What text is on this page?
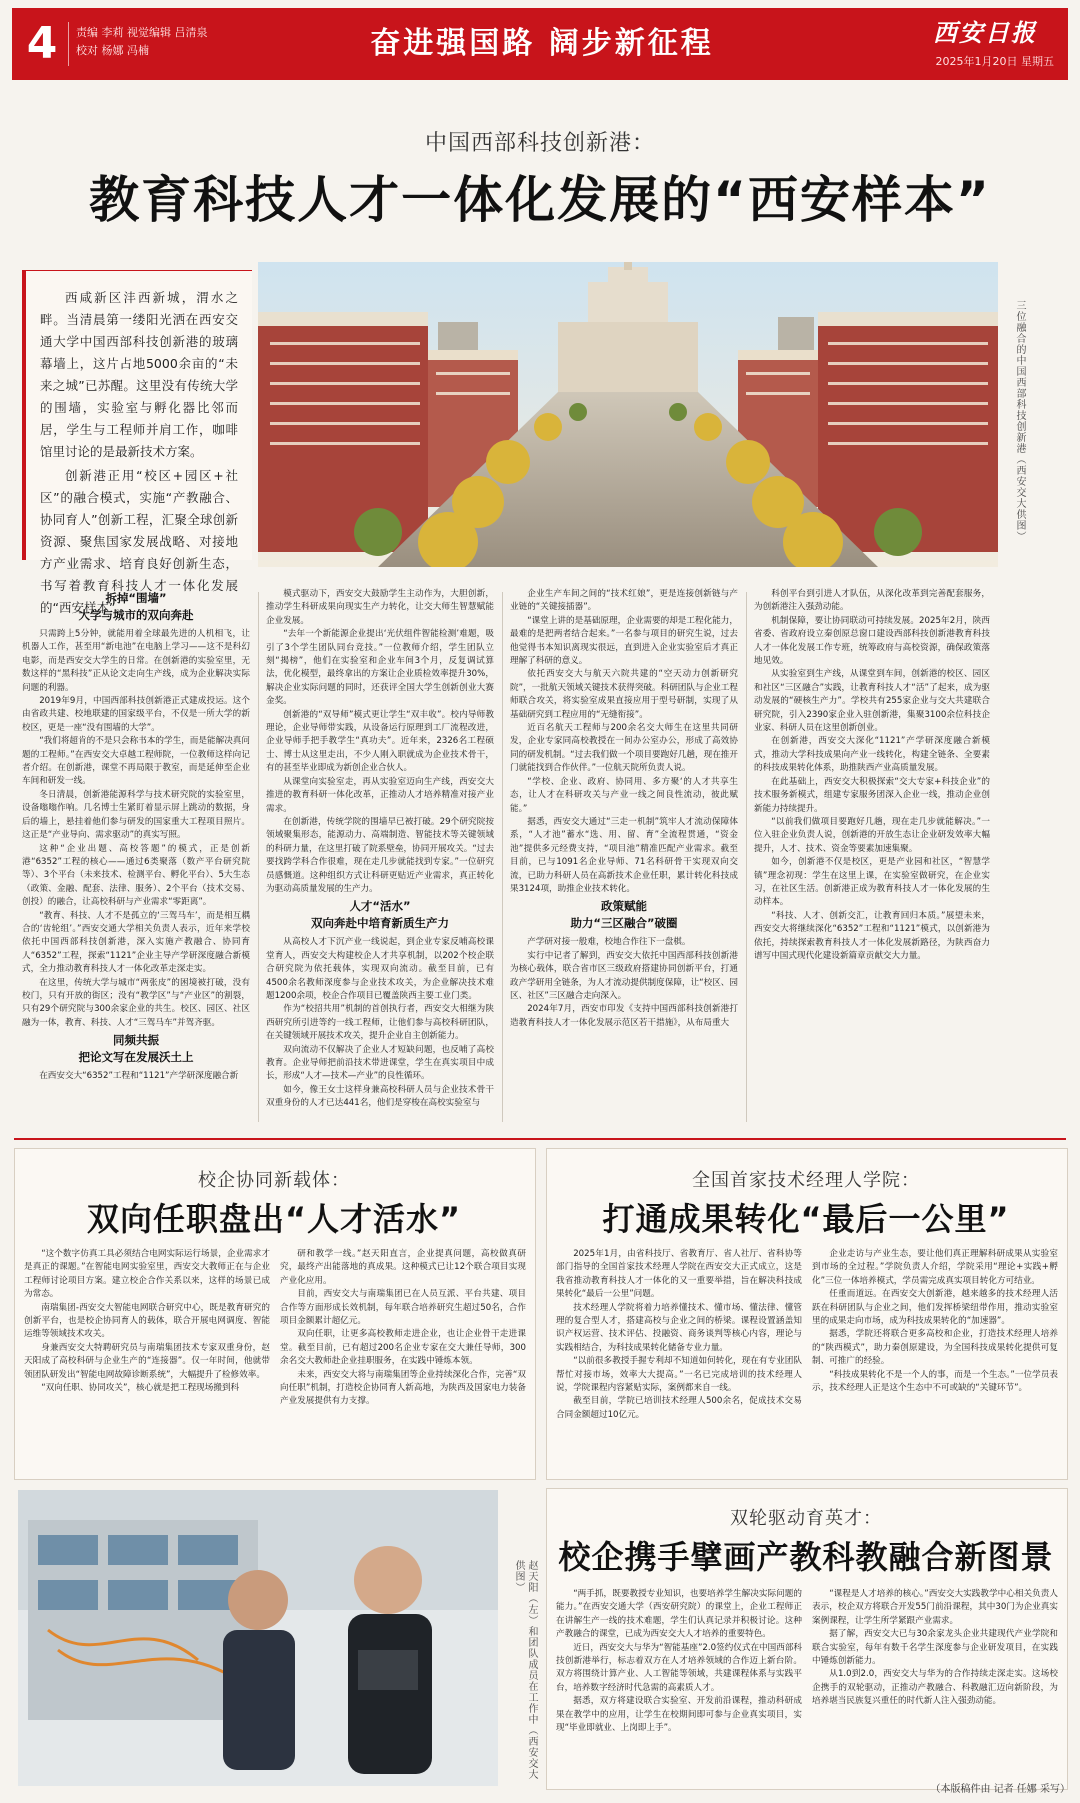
4	责编 李莉 视觉编辑 吕清泉
校对 杨娜 冯楠	奋进强国路 阔步新征程	西安日报
2025年1月20日 星期五
中国西部科技创新港：
教育科技人才一体化发展的“西安样本”

西咸新区沣西新城，渭水之畔。当清晨第一缕阳光洒在西安交通大学中国西部科技创新港的玻璃幕墙上，这片占地5000余亩的“未来之城”已苏醒。这里没有传统大学的围墙，实验室与孵化器比邻而居，学生与工程师并肩工作，咖啡馆里讨论的是最新技术方案。

创新港正用“校区+园区+社区”的融合模式，实施“产教融合、协同育人”创新工程，汇聚全球创新资源、聚焦国家发展战略、对接地方产业需求、培育良好创新生态，书写着教育科技人才一体化发展的“西安样本”。

三位融合的中国西部科技创新港（西安交大供图）
拆掉“围墙”
大学与城市的双向奔赴

只需跨上5分钟，就能用着全球最先进的人机相飞，让机器人工作，甚至用“新电池”在电脑上学习——这不是科幻电影，而是西安交大学生的日常。在创新港的实验室里，无数这样的“黑科技”正从论文走向生产线，成为企业解决实际问题的利器。

2019年9月，中国西部科技创新港正式建成投运。这个由省政共建、校地联建的国家级平台，不仅是一所大学的新校区，更是一座“没有围墙的大学”。

“我们将超肯的不是只会称书本的学生，而是能解决真问题的工程师。”在西安交大卓越工程师院，一位教师这样向记者介绍。在创新港，课堂不再局限于教室，而是延伸至企业车间和研发一线。

冬日清晨，创新港能源科学与技术研究院的实验室里，设备嗡嗡作响。几名博士生紧盯着显示屏上跳动的数据，身后的墙上，悬挂着他们参与研发的国家重大工程项目照片。这正是“产业导向、需求驱动”的真实写照。

这种“企业出题、高校答题”的模式，正是创新港“6352”工程的核心——通过6类聚落（数产平台研究院等）、3个平台（未来技术、检测平台、孵化平台）、5大生态（政策、金融、配套、法律、服务）、2个平台（技术交易、创投）的融合，让高校科研与产业需求“零距离”。

“教育、科技、人才不是孤立的‘三驾马车’，而是相互耦合的‘齿轮组’。”西安交通大学相关负责人表示，近年来学校依托中国西部科技创新港，深入实施产教融合、协同育人“6352”工程，探索“1121”企业主导产学研深度融合新模式，全力推动教育科技人才一体化改革走深走实。

在这里，传统大学与城市“两张皮”的困境被打破，没有校门，只有开放的街区；没有“教学区”与“产业区”的割裂，只有29个研究院与300余家企业的共生。校区、园区、社区融为一体，教育、科技、人才“三驾马车”并驾齐驱。

同频共振
把论文写在发展沃土上

在西安交大“6352”工程和“1121”产学研深度融合新

模式驱动下，西安交大鼓励学生主动作为，大胆创新，推动学生科研成果向现实生产力转化，让交大师生智慧赋能企业发展。

“去年一个新能源企业提出‘光伏组件智能检测’难题，吸引了3个学生团队同台竞技。”一位教师介绍，学生团队立刻“揭榜”，他们在实验室和企业车间3个月，反复调试算法，优化模型，最终拿出的方案让企业质检效率提升30%，解决企业实际问题的同时，还获评全国大学生创新创业大赛金奖。

创新港的“双导师”模式更让学生“双丰收”。校内导师教理论，企业导师带实践，从设备运行原理到工厂流程改进，企业导师手把手教学生“真功夫”。近年来，2326名工程硕士、博士从这里走出，不少人刚入职就成为企业技术骨干，有的甚至毕业即成为新创企业合伙人。

从课堂向实验室走，再从实验室迈向生产线，西安交大推进的教育科研一体化改革，正推动人才培养精准对接产业需求。

在创新港，传统学院的围墙早已被打破。29个研究院按领域聚集形态，能源动力、高端制造、智能技术等关键领域的科研力量，在这里打破了院系壁垒，协同开展攻关。“过去要找跨学科合作很难，现在走几步就能找到专家。”一位研究员感慨道。这种组织方式让科研更贴近产业需求，真正转化为驱动高质量发展的生产力。

人才“活水”
双向奔赴中培育新质生产力

从高校人才下沉产业一线说起，到企业专家反哺高校课堂育人，西安交大构建校企人才共享机制，以202个校企联合研究院为依托载体，实现双向流动。截至目前，已有4500余名教师深度参与企业技术攻关，为企业解决技术难题1200余项，校企合作项目已覆盖陕西主要工业门类。

作为“校招共用”机制的首创执行者，西安交大相继为陕西研究所引进等约一线工程师，让他们参与高校科研团队，在关键领域开展技术攻关，提升企业自主创新能力。

双向流动不仅解决了企业人才短缺问题，也反哺了高校教育。企业导师把前沿技术带进课堂，学生在真实项目中成长，形成“人才—技术—产业”的良性循环。

如今，像王女士这样身兼高校科研人员与企业技术骨干双重身份的人才已达441名，他们是穿梭在高校实验室与

企业生产车间之间的“技术红娘”，更是连接创新链与产业链的“关键接插器”。

“课堂上讲的是基础原理，企业需要的却是工程化能力，最难的是把两者结合起来。”一名参与项目的研究生说，过去他觉得书本知识离现实很远，直到进入企业实验室后才真正理解了科研的意义。

依托西安交大与航天六院共建的“空天动力创新研究院”，一批航天领域关键技术获得突破。科研团队与企业工程师联合攻关，将实验室成果直接应用于型号研制，实现了从基础研究到工程应用的“无缝衔接”。

近百名航天工程师与200余名交大师生在这里共同研发，企业专家同高校教授在一间办公室办公，形成了高效协同的研发机制。“过去我们做一个项目要跑好几趟，现在推开门就能找到合作伙伴。”一位航天院所负责人说。

“学校、企业、政府、协同用、多方聚‘的人才共享生态，让人才在科研攻关与产业一线之间良性流动，彼此赋能。”

据悉，西安交大通过“三走一机制”筑牢人才流动保障体系，“人才池”蓄水“选、用、留、育”全流程贯通，“资金池”提供多元经费支持，“项目池”精准匹配产业需求。截至目前，已与1091名企业导师、71名科研骨干实现双向交流，已助力科研人员在高新技术企业任职，累计转化科技成果3124项，助推企业技术转化。

政策赋能
助力“三区融合”破圈

产学研对接一般难，校地合作往下一盘棋。

实行中记者了解到，西安交大依托中国西部科技创新港为核心载体，联合省市区三级政府搭建协同创新平台，打通政产学研用全链条，为人才流动提供制度保障，让“校区、园区、社区”三区融合走向深入。

2024年7月，西安市印发《支持中国西部科技创新港打造教育科技人才一体化发展示范区若干措施》，从布局重大

科创平台到引进人才队伍，从深化改革到完善配套服务，为创新港注入强劲动能。

机制保障，要让协同联动可持续发展。2025年2月，陕西省委、省政府设立秦创原总窗口建设西部科技创新港教育科技人才一体化发展工作专班，统筹政府与高校资源，确保政策落地见效。

从实验室到生产线，从课堂到车间，创新港的校区、园区和社区“三区融合”实践，让教育科技人才“活”了起来，成为驱动发展的“硬核生产力”。学校共有255家企业与交大共建联合研究院，引入2390家企业入驻创新港，集聚3100余位科技企业家、科研人员在这里创新创业。

在创新港，西安交大深化“1121”产学研深度融合新模式，推动大学科技成果向产业一线转化，构建全链条、全要素的科技成果转化体系，助推陕西产业高质量发展。

在此基础上，西安交大积极探索“交大专家+科技企业”的技术服务新模式，组建专家服务团深入企业一线，推动企业创新能力持续提升。

“以前我们做项目要跑好几趟，现在走几步就能解决。”一位入驻企业负责人说，创新港的开放生态让企业研发效率大幅提升，人才、技术、资金等要素加速集聚。

如今，创新港不仅是校区，更是产业园和社区，“智慧学镇”理念初现：学生在这里上课，在实验室做研究，在企业实习，在社区生活。创新港正成为教育科技人才一体化发展的生动样本。

“科技、人才、创新交汇，让教育回归本质。”展望未来，西安交大将继续深化“6352”工程和“1121”模式，以创新港为依托，持续探索教育科技人才一体化发展新路径，为陕西奋力谱写中国式现代化建设新篇章贡献交大力量。

校企协同新载体：
双向任职盘出“人才活水”

“这个数字仿真工具必须结合电网实际运行场景，企业需求才是真正的课题。”在智能电网实验室里，西安交大教师正在与企业工程师讨论项目方案。建立校企合作关系以来，这样的场景已成为常态。

南瑞集团-西安交大智能电网联合研究中心，既是教育研究的创新平台，也是校企协同育人的载体，联合开展电网调度、智能运维等领域技术攻关。

身兼西安交大特聘研究员与南瑞集团技术专家双重身份，赵天阳成了高校科研与企业生产的“连接器”。仅一年时间，他就带领团队研发出“智能电网故障诊断系统”，大幅提升了检修效率。

“双向任职、协同攻关”，核心就是把工程现场搬到科

研和教学一线。”赵天阳直言，企业提真问题，高校做真研究，最终产出能落地的真成果。这种模式已让12个联合项目实现产业化应用。

目前，西安交大与南瑞集团已在人员互派、平台共建、项目合作等方面形成长效机制，每年联合培养研究生超过50名，合作项目金额累计超亿元。

双向任职，让更多高校教师走进企业，也让企业骨干走进课堂。截至目前，已有超过200名企业专家在交大兼任导师，300余名交大教师赴企业挂职服务，在实践中锤炼本领。

未来，西安交大将与南瑞集团等企业持续深化合作，完善“双向任职”机制，打造校企协同育人新高地，为陕西及国家电力装备产业发展提供有力支撑。

全国首家技术经理人学院：
打通成果转化“最后一公里”

2025年1月，由省科技厅、省教育厅、省人社厅、省科协等部门指导的全国首家技术经理人学院在西安交大正式成立，这是我省推动教育科技人才一体化的又一重要举措，旨在解决科技成果转化“最后一公里”问题。

技术经理人学院将着力培养懂技术、懂市场、懂法律、懂管理的复合型人才，搭建高校与企业之间的桥梁。课程设置涵盖知识产权运营、技术评估、投融资、商务谈判等核心内容，理论与实践相结合，为科技成果转化储备专业力量。

“以前很多教授手握专利却不知道如何转化，现在有专业团队帮忙对接市场，效率大大提高。”一名已完成培训的技术经理人说，学院课程内容紧贴实际，案例都来自一线。

截至目前，学院已培训技术经理人500余名，促成技术交易合同金额超过10亿元。

企业走访与产业生态，要让他们真正理解科研成果从实验室到市场的全过程。”学院负责人介绍，学院采用“理论+实践+孵化”三位一体培养模式，学员需完成真实项目转化方可结业。

任重而道远。在西安交大创新港，越来越多的技术经理人活跃在科研团队与企业之间，他们发挥桥梁纽带作用，推动实验室里的成果走向市场，成为科技成果转化的“加速器”。

据悉，学院还将联合更多高校和企业，打造技术经理人培养的“陕西模式”，助力秦创原建设，为全国科技成果转化提供可复制、可推广的经验。

“科技成果转化不是一个人的事，而是一个生态。”一位学员表示，技术经理人正是这个生态中不可或缺的“关键环节”。

赵天阳（左）和团队成员在工作中（西安交大供图）
双轮驱动育英才：
校企携手擘画产教科教融合新图景

“两手抓，既要教授专业知识，也要培养学生解决实际问题的能力。”在西安交通大学（西安研究院）的课堂上，企业工程师正在讲解生产一线的技术难题，学生们认真记录并积极讨论。这种产教融合的课堂，已成为西安交大人才培养的重要特色。

近日，西安交大与华为“智能基座”2.0签约仪式在中国西部科技创新港举行，标志着双方在人才培养领域的合作迈上新台阶。双方将围绕计算产业、人工智能等领域，共建课程体系与实践平台，培养数字经济时代急需的高素质人才。

据悉，双方将建设联合实验室、开发前沿课程，推动科研成果在教学中的应用，让学生在校期间即可参与企业真实项目，实现“毕业即就业、上岗即上手”。

“课程是人才培养的核心。”西安交大实践教学中心相关负责人表示，校企双方将联合开发55门前沿课程，其中30门为企业真实案例课程，让学生所学紧跟产业需求。

据了解，西安交大已与30余家龙头企业共建现代产业学院和联合实验室，每年有数千名学生深度参与企业研发项目，在实践中锤炼创新能力。

从1.0到2.0，西安交大与华为的合作持续走深走实。这场校企携手的双轮驱动，正推动产教融合、科教融汇迈向新阶段，为培养堪当民族复兴重任的时代新人注入强劲动能。

（本版稿件由 记者 任娜 采写）
